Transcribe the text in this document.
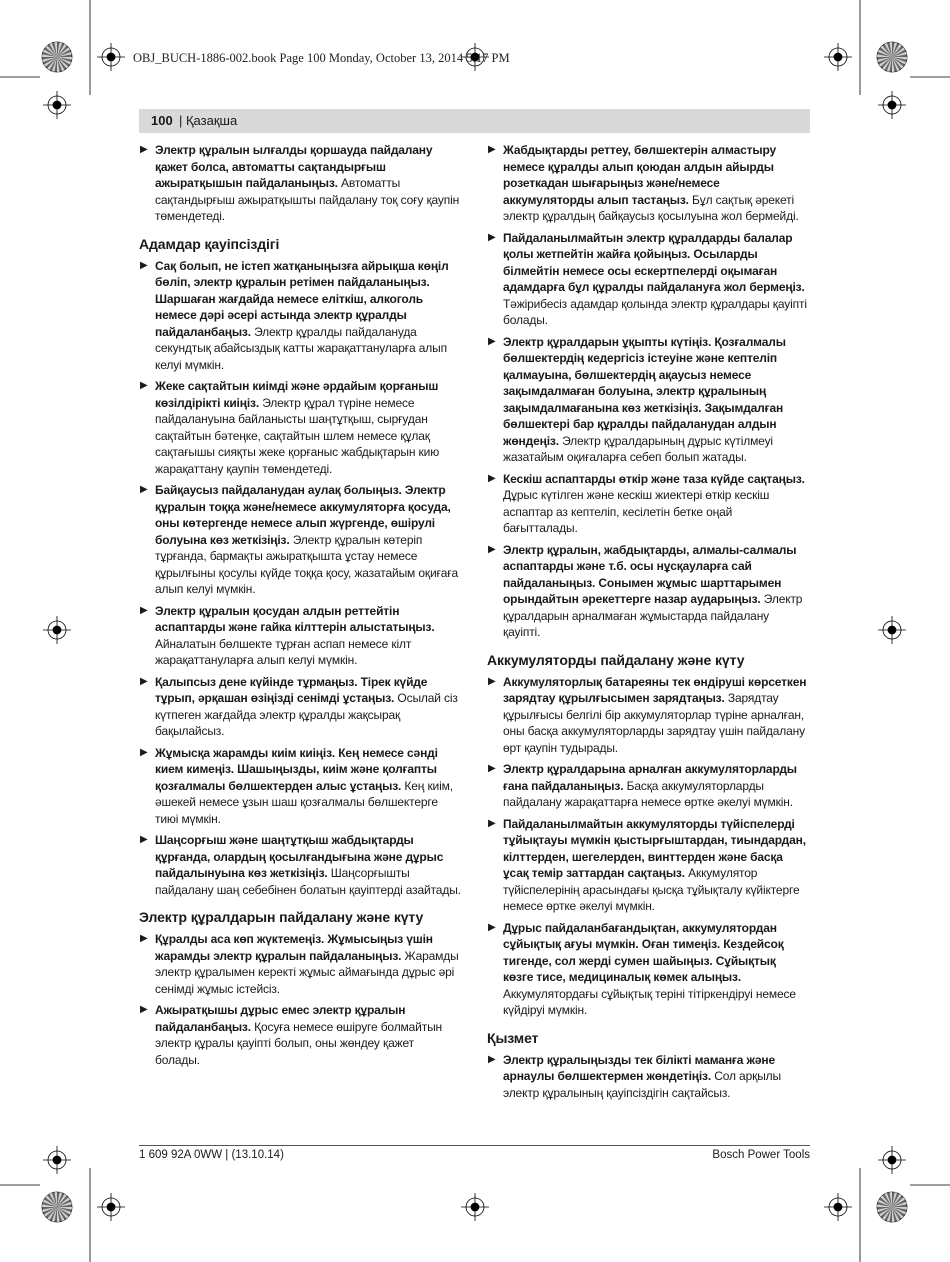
OBJ_BUCH-1886-002.book Page 100 Monday, October 13, 2014 5:17 PM
100 | Қазақша
▶ Электр құралын ылғалды қоршауда пайдалану қажет болса, автоматты сақтандырғыш ажыратқышын пайдаланыңыз. Автоматты сақтандырғыш ажыратқышты пайдалану тоқ соғу қаупін төмендетеді.
Адамдар қауіпсіздігі
▶ Сақ болып, не істеп жатқаныңызға айрықша көңіл бөліп, электр құралын ретімен пайдаланыңыз. Шаршаған жағдайда немесе еліткіш, алкоголь немесе дәрі әсері астында электр құралды пайдаланбаңыз. Электр құралды пайдалануда секундтық абайсыздық катты жарақаттануларға алып келуі мүмкін.
▶ Жеке сақтайтын киімді және әрдайым қорғаныш көзілдірікті киіңіз. Электр құрал түріне немесе пайдалануына байланысты шаңтұтқыш, сырғудан сақтайтын бәтеңке, сақтайтын шлем немесе құлақ сақтағышы сияқты жеке қорғаныс жабдықтарын кию жарақаттану қаупін төмендетеді.
▶ Байқаусыз пайдаланудан аулақ болыңыз. Электр құралын тоққа және/немесе аккумуляторға қосуда, оны көтергенде немесе алып жүргенде, өшірулі болуына көз жеткізіңіз. Электр құралын көтеріп тұрғанда, бармақты ажыратқышта ұстау немесе құрылғыны қосулы күйде тоққа қосу, жазатайым оқиғаға алып келуі мүмкін.
▶ Электр құралын қосудан алдын реттейтін аспаптарды және гайка кілттерін алыстатыңыз. Айналатын бөлшекте тұрған аспап немесе кілт жарақаттануларға алып келуі мүмкін.
▶ Қалыпсыз дене күйінде тұрмаңыз. Тірек күйде тұрып, әрқашан өзіңізді сенімді ұстаңыз. Осылай сіз күтпеген жағдайда электр құралды жақсырақ бақылайсыз.
▶ Жұмысқа жарамды киім киіңіз. Кең немесе сәнді кием кимеңіз. Шашыңызды, киім және қолғапты қозғалмалы бөлшектерден алыс ұстаңыз. Кең киім, әшекей немесе ұзын шаш қозғалмалы бөлшектерге тиюі мүмкін.
▶ Шаңсорғыш және шаңтұтқыш жабдықтарды құрғанда, олардың қосылғандығына және дұрыс пайдалынуына көз жеткізіңіз. Шаңсорғышты пайдалану шаң себебінен болатын қауіптерді азайтады.
Электр құралдарын пайдалану және күту
▶ Құралды аса көп жүктемеңіз. Жұмысыңыз үшін жарамды электр құралын пайдаланыңыз. Жарамды электр құралымен керекті жұмыс аймағында дұрыс әрі сенімді жұмыс істейсіз.
▶ Ажыратқышы дұрыс емес электр құралын пайдаланбаңыз. Қосуға немесе өшіруге болмайтын электр құралы қауіпті болып, оны жөндеу қажет болады.
▶ Жабдықтарды реттеу, бөлшектерін алмастыру немесе құралды алып қоюдан алдын айырды розеткадан шығарыңыз және/немесе аккумуляторды алып тастаңыз. Бұл сақтық әрекеті электр құралдың байқаусыз қосылуына жол бермейді.
▶ Пайдаланылмайтын электр құралдарды балалар қолы жетпейтін жайға қойыңыз. Осыларды білмейтін немесе осы ескертпелерді оқымаған адамдарға бұл құралды пайдалануға жол бермеңіз. Тәжірибесіз адамдар қолында электр құралдары қауіпті болады.
▶ Электр құралдарын ұқыпты күтіңіз. Қозғалмалы бөлшектердің кедергісіз істеуіне және кептеліп қалмауына, бөлшектердің ақаусыз немесе зақымдалмаған болуына, электр құралының зақымдалмағанына көз жеткізіңіз. Зақымдалған бөлшектері бар құралды пайдаланудан алдын жөндеңіз. Электр құралдарының дұрыс күтілмеуі жазатайым оқиғаларға себеп болып жатады.
▶ Кескіш аспаптарды өткір және таза күйде сақтаңыз. Дұрыс күтілген және кескіш жиектері өткір кескіш аспаптар аз кептеліп, кесілетін бетке оңай бағытталады.
▶ Электр құралын, жабдықтарды, алмалы-салмалы аспаптарды және т.б. осы нұсқауларға сай пайдаланыңыз. Сонымен жұмыс шарттарымен орындайтын әрекеттерге назар аударыңыз. Электр құралдарын арналмаған жұмыстарда пайдалану қауіпті.
Аккумуляторды пайдалану және күту
▶ Аккумуляторлық батареяны тек өндіруші көрсеткен зарядтау құрылғысымен зарядтаңыз. Зарядтау құрылғысы белгілі бір аккумуляторлар түріне арналған, оны басқа аккумуляторларды зарядтау үшін пайдалану өрт қаупін тудырады.
▶ Электр құралдарына арналған аккумуляторларды ғана пайдаланыңыз. Басқа аккумуляторларды пайдалану жарақаттарға немесе өртке әкелуі мүмкін.
▶ Пайдаланылмайтын аккумуляторды түйіспелерді тұйықтауы мүмкін қыстырғыштардан, тиындардан, кілттерден, шегелерден, винттерден және басқа ұсақ темір заттардан сақтаңыз. Аккумулятор түйіспелерінің арасындағы қысқа тұйықталу күйіктерге немесе өртке әкелуі мүмкін.
▶ Дұрыс пайдаланбағандықтан, аккумулятордан сұйықтық ағуы мүмкін. Оған тимеңіз. Кездейсоқ тигенде, сол жерді сумен шайыңыз. Сұйықтық көзге тисе, медициналық көмек алыңыз. Аккумулятордағы сұйықтық теріні тітіркендіруі немесе күйдіруі мүмкін.
Қызмет
▶ Электр құралыңызды тек білікті маманға және арнаулы бөлшектермен жөндетіңіз. Сол арқылы электр құралының қауіпсіздігін сақтайсыз.
1 609 92A 0WW | (13.10.14)	Bosch Power Tools
